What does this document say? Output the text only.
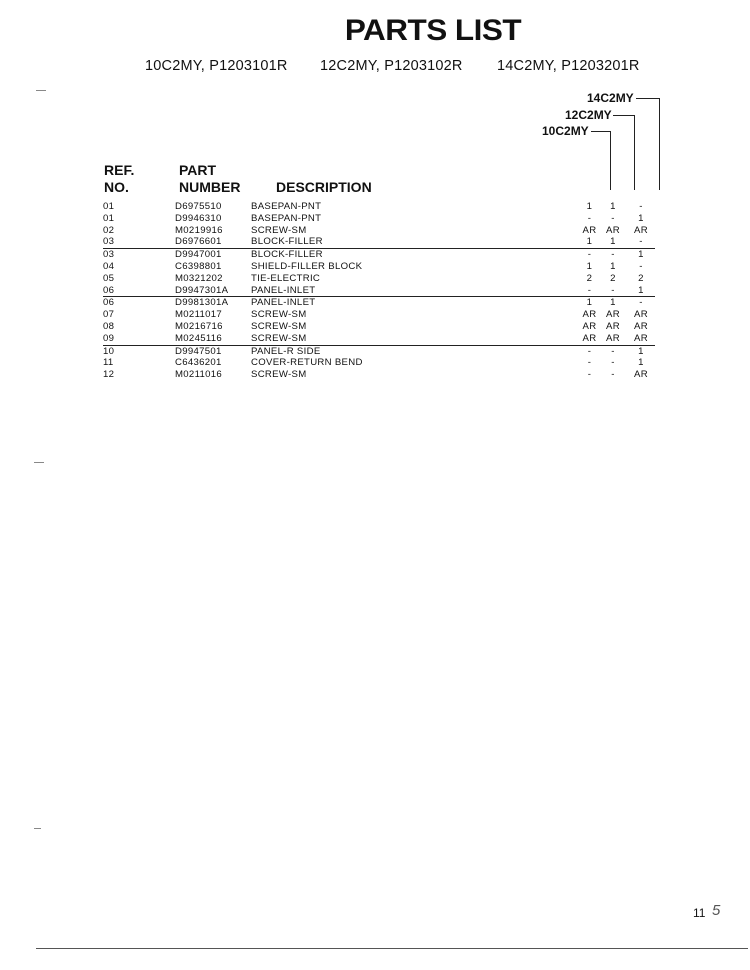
PARTS LIST
10C2MY, P1203101R 12C2MY, P1203102R 14C2MY, P1203201R
14C2MY
12C2MY
10C2MY
REF.
NO.
PART
NUMBER	DESCRIPTION
01	D6975510	BASEPAN-PNT	1	1	-
01	D9946310	BASEPAN-PNT	-	-	1
02	M0219916	SCREW-SM	AR	AR	AR
03	D6976601	BLOCK-FILLER	1	1	-
03	D9947001	BLOCK-FILLER	-	-	1
04	C6398801	SHIELD-FILLER BLOCK	1	1	-
05	M0321202	TIE-ELECTRIC	2	2	2
06	D9947301A	PANEL-INLET	-	-	1
06	D9981301A	PANEL-INLET	1	1	-
07	M0211017	SCREW-SM	AR	AR	AR
08	M0216716	SCREW-SM	AR	AR	AR
09	M0245116	SCREW-SM	AR	AR	AR
10	D9947501	PANEL-R SIDE	-	-	1
11	C6436201	COVER-RETURN BEND	-	-	1
12	M0211016	SCREW-SM	-	-	AR
11 5
